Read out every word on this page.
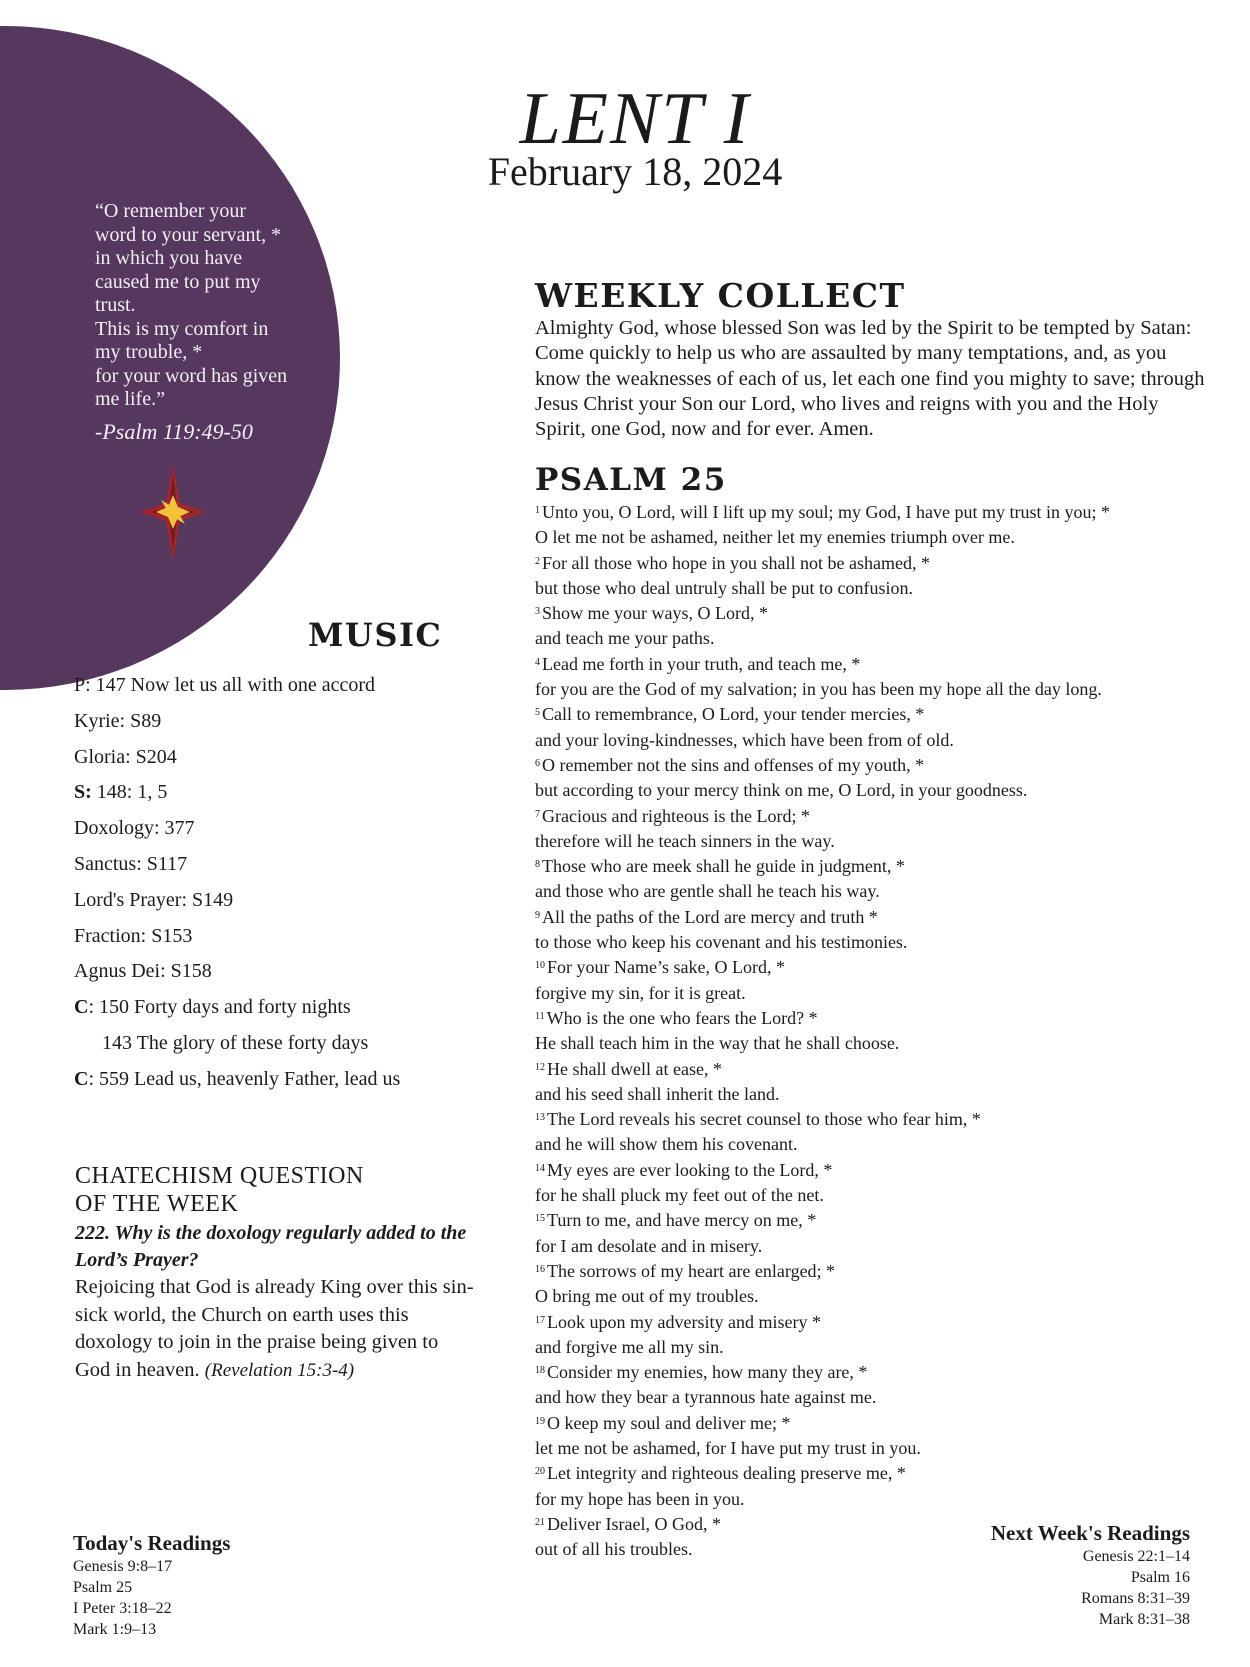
“O remember your
word to your servant, *
in which you have
caused me to put my
trust.
This is my comfort in
my trouble, *
for your word has given
me life.”
-Psalm 119:49-50
LENT I
February 18, 2024
WEEKLY COLLECT
Almighty God, whose blessed Son was led by the Spirit to be tempted by Satan: Come quickly to help us who are assaulted by many temptations, and, as you know the weaknesses of each of us, let each one find you mighty to save; through Jesus Christ your Son our Lord, who lives and reigns with you and the Holy Spirit, one God, now and for ever. Amen.
PSALM 25
$^1$ Unto you, O Lord, will I lift up my soul; my God, I have put my trust in you; *
O let me not be ashamed, neither let my enemies triumph over me.
$^2$ For all those who hope in you shall not be ashamed, *
but those who deal untruly shall be put to confusion.
$^3$ Show me your ways, O Lord, *
and teach me your paths.
$^4$ Lead me forth in your truth, and teach me, *
for you are the God of my salvation; in you has been my hope all the day long.
$^5$ Call to remembrance, O Lord, your tender mercies, *
and your loving-kindnesses, which have been from of old.
$^6$ O remember not the sins and offenses of my youth, *
but according to your mercy think on me, O Lord, in your goodness.
$^7$ Gracious and righteous is the Lord; *
therefore will he teach sinners in the way.
$^8$ Those who are meek shall he guide in judgment, *
and those who are gentle shall he teach his way.
$^9$ All the paths of the Lord are mercy and truth *
to those who keep his covenant and his testimonies.
$^{10}$ For your Name’s sake, O Lord, *
forgive my sin, for it is great.
$^{11}$ Who is the one who fears the Lord? *
He shall teach him in the way that he shall choose.
$^{12}$ He shall dwell at ease, *
and his seed shall inherit the land.
$^{13}$ The Lord reveals his secret counsel to those who fear him, *
and he will show them his covenant.
$^{14}$ My eyes are ever looking to the Lord, *
for he shall pluck my feet out of the net.
$^{15}$ Turn to me, and have mercy on me, *
for I am desolate and in misery.
$^{16}$ The sorrows of my heart are enlarged; *
O bring me out of my troubles.
$^{17}$ Look upon my adversity and misery *
and forgive me all my sin.
$^{18}$ Consider my enemies, how many they are, *
and how they bear a tyrannous hate against me.
$^{19}$ O keep my soul and deliver me; *
let me not be ashamed, for I have put my trust in you.
$^{20}$ Let integrity and righteous dealing preserve me, *
for my hope has been in you.
$^{21}$ Deliver Israel, O God, *
out of all his troubles.
MUSIC
P: 147 Now let us all with one accord
Kyrie: S89
Gloria: S204
S: 148: 1, 5
Doxology: 377
Sanctus: S117
Lord's Prayer: S149
Fraction: S153
Agnus Dei: S158
C: 150 Forty days and forty nights
143 The glory of these forty days
C: 559 Lead us, heavenly Father, lead us
CHATECHISM QUESTION
OF THE WEEK
222. Why is the doxology regularly added to the Lord’s Prayer?
Rejoicing that God is already King over this sin-sick world, the Church on earth uses this doxology to join in the praise being given to God in heaven. (Revelation 15:3-4)
Today's Readings
Genesis 9:8–17
Psalm 25
I Peter 3:18–22
Mark 1:9–13
Next Week's Readings
Genesis 22:1–14
Psalm 16
Romans 8:31–39
Mark 8:31–38
